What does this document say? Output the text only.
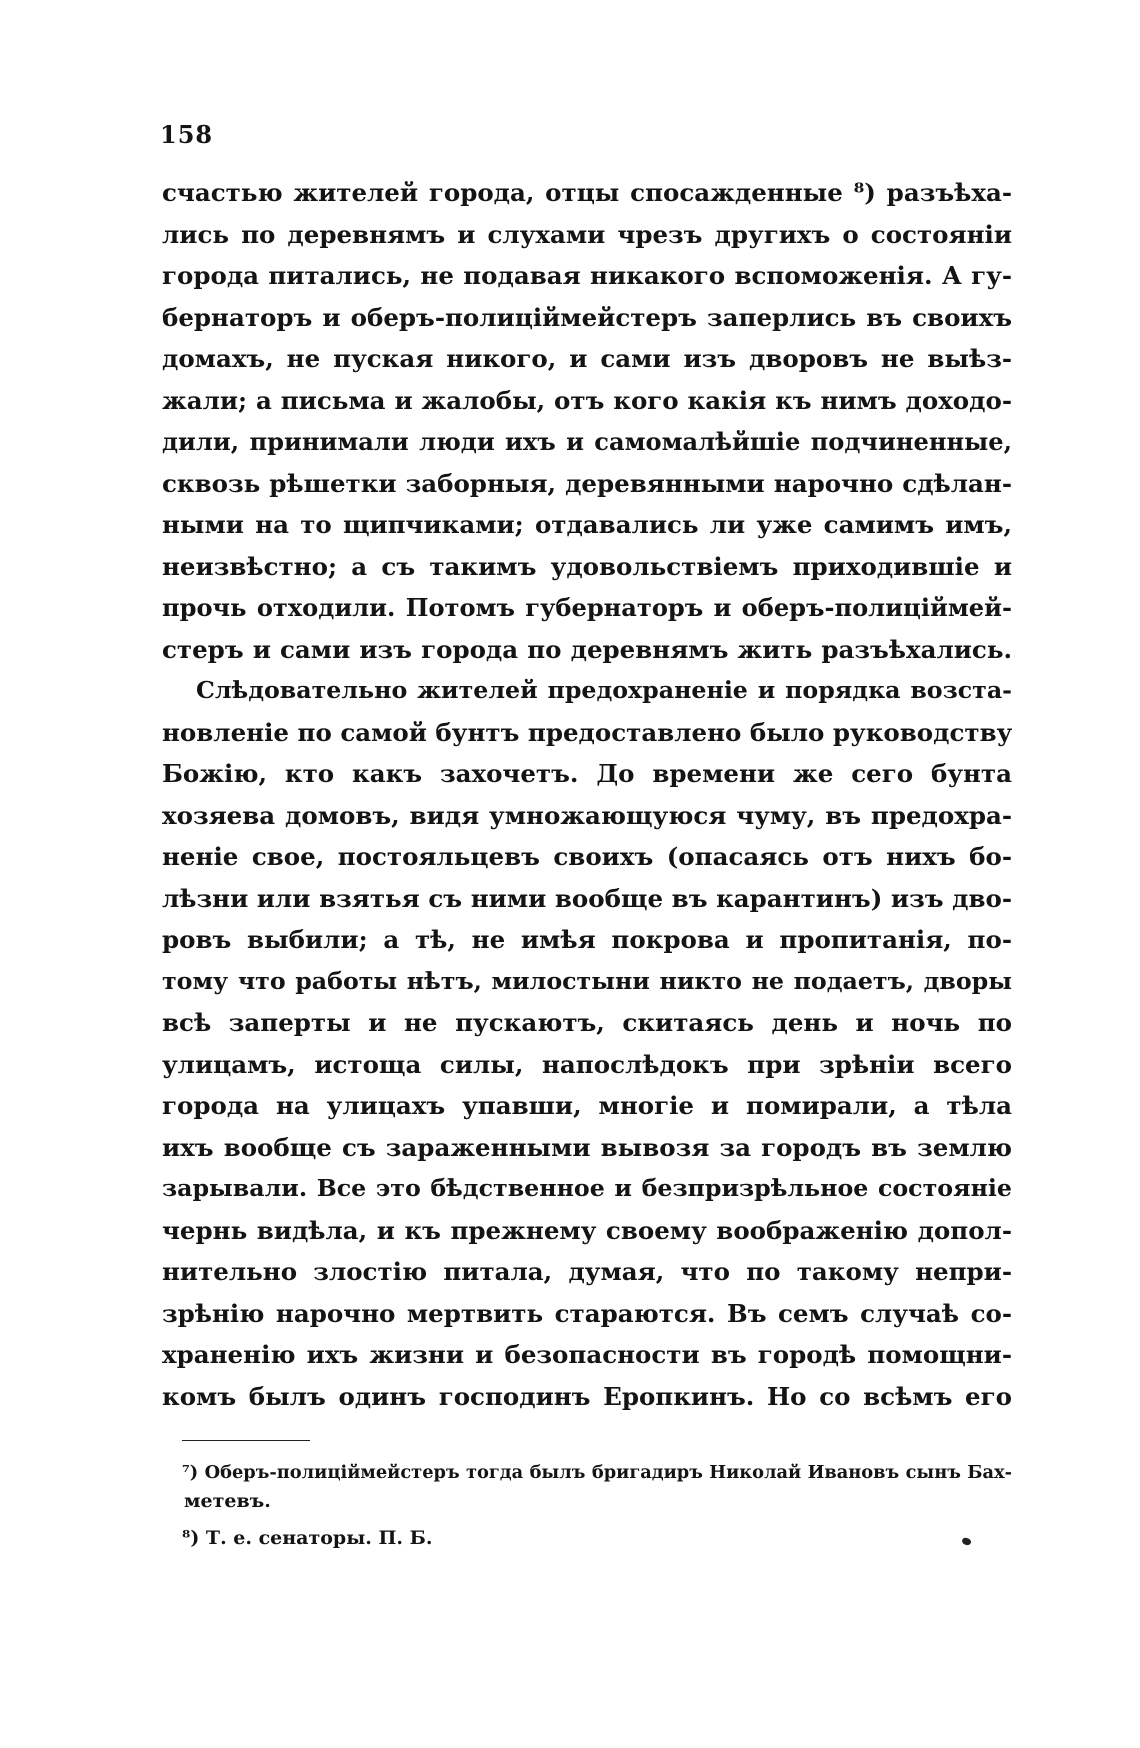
158
счастью жителей города, отцы спосажденные ⁸) разъѣха-
лись по деревнямъ и слухами чрезъ другихъ о состояніи
города питались, не подавая никакого вспоможенія. А гу-
бернаторъ и оберъ-полиціймейстеръ заперлись въ своихъ
домахъ, не пуская никого, и сами изъ дворовъ не выѣз-
жали; а письма и жалобы, отъ кого какія къ нимъ доходо-
дили, принимали люди ихъ и самомалѣйшіе подчиненные,
сквозь рѣшетки заборныя, деревянными нарочно сдѣлан-
ными на то щипчиками; отдавались ли уже самимъ имъ,
неизвѣстно; а съ такимъ удовольствіемъ приходившіе и
прочь отходили. Потомъ губернаторъ и оберъ-полиціймей-
стеръ и сами изъ города по деревнямъ жить разъѣхались.
Слѣдовательно жителей предохраненіе и порядка возста-
новленіе по самой бунтъ предоставлено было руководству
Божію, кто какъ захочетъ. До времени же сего бунта
хозяева домовъ, видя умножающуюся чуму, въ предохра-
неніе свое, постояльцевъ своихъ (опасаясь отъ нихъ бо-
лѣзни или взятья съ ними вообще въ карантинъ) изъ дво-
ровъ выбили; а тѣ, не имѣя покрова и пропитанія, по-
тому что работы нѣтъ, милостыни никто не подаетъ, дворы
всѣ заперты и не пускаютъ, скитаясь день и ночь по
улицамъ, истоща силы, напослѣдокъ при зрѣніи всего
города на улицахъ упавши, многіе и помирали, а тѣла
ихъ вообще съ зараженными вывозя за городъ въ землю
зарывали. Все это бѣдственное и безпризрѣльное состояніе
чернь видѣла, и къ прежнему своему воображенію допол-
нительно злостію питала, думая, что по такому непри-
зрѣнію нарочно мертвить стараются. Въ семъ случаѣ со-
храненію ихъ жизни и безопасности въ городѣ помощни-
комъ былъ одинъ господинъ Еропкинъ. Но со всѣмъ его
⁷) Оберъ-полиціймейстеръ тогда былъ бригадиръ Николай Ивановъ сынъ Бах-
метевъ.
⁸) Т. е. сенаторы. П. Б.
